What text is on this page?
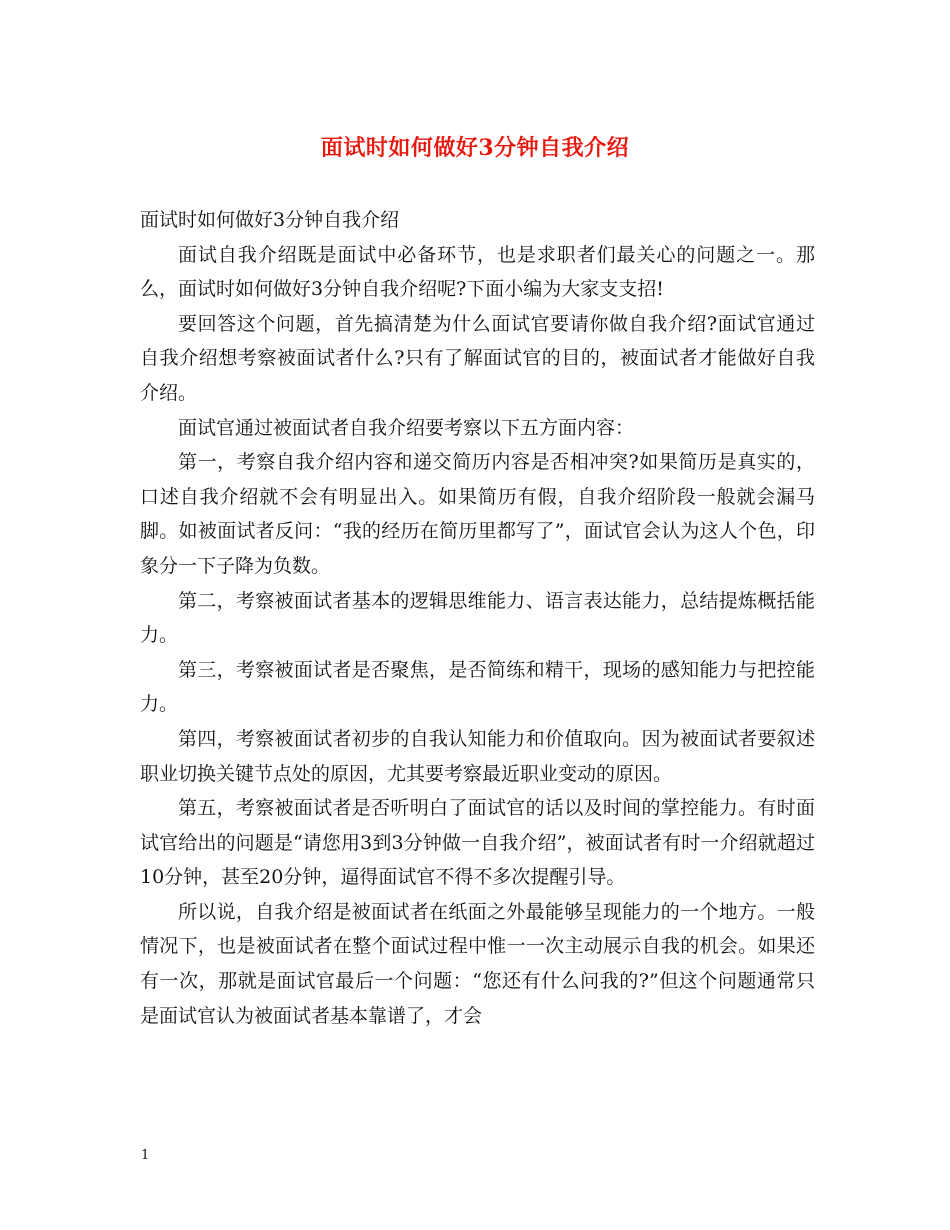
面试时如何做好3分钟自我介绍

面试时如何做好3分钟自我介绍

面试自我介绍既是面试中必备环节，也是求职者们最关心的问题之一。那么，面试时如何做好3分钟自我介绍呢?下面小编为大家支支招!

要回答这个问题，首先搞清楚为什么面试官要请你做自我介绍?面试官通过自我介绍想考察被面试者什么?只有了解面试官的目的，被面试者才能做好自我介绍。

面试官通过被面试者自我介绍要考察以下五方面内容：

第一，考察自我介绍内容和递交简历内容是否相冲突?如果简历是真实的，口述自我介绍就不会有明显出入。如果简历有假，自我介绍阶段一般就会漏马脚。如被面试者反问：“我的经历在简历里都写了”，面试官会认为这人个色，印象分一下子降为负数。

第二，考察被面试者基本的逻辑思维能力、语言表达能力，总结提炼概括能力。

第三，考察被面试者是否聚焦，是否简练和精干，现场的感知能力与把控能力。

第四，考察被面试者初步的自我认知能力和价值取向。因为被面试者要叙述职业切换关键节点处的原因，尤其要考察最近职业变动的原因。

第五，考察被面试者是否听明白了面试官的话以及时间的掌控能力。有时面试官给出的问题是“请您用3到3分钟做一自我介绍”，被面试者有时一介绍就超过10分钟，甚至20分钟，逼得面试官不得不多次提醒引导。

所以说，自我介绍是被面试者在纸面之外最能够呈现能力的一个地方。一般情况下，也是被面试者在整个面试过程中惟一一次主动展示自我的机会。如果还有一次，那就是面试官最后一个问题：“您还有什么问我的?”但这个问题通常只是面试官认为被面试者基本靠谱了，才会

1
